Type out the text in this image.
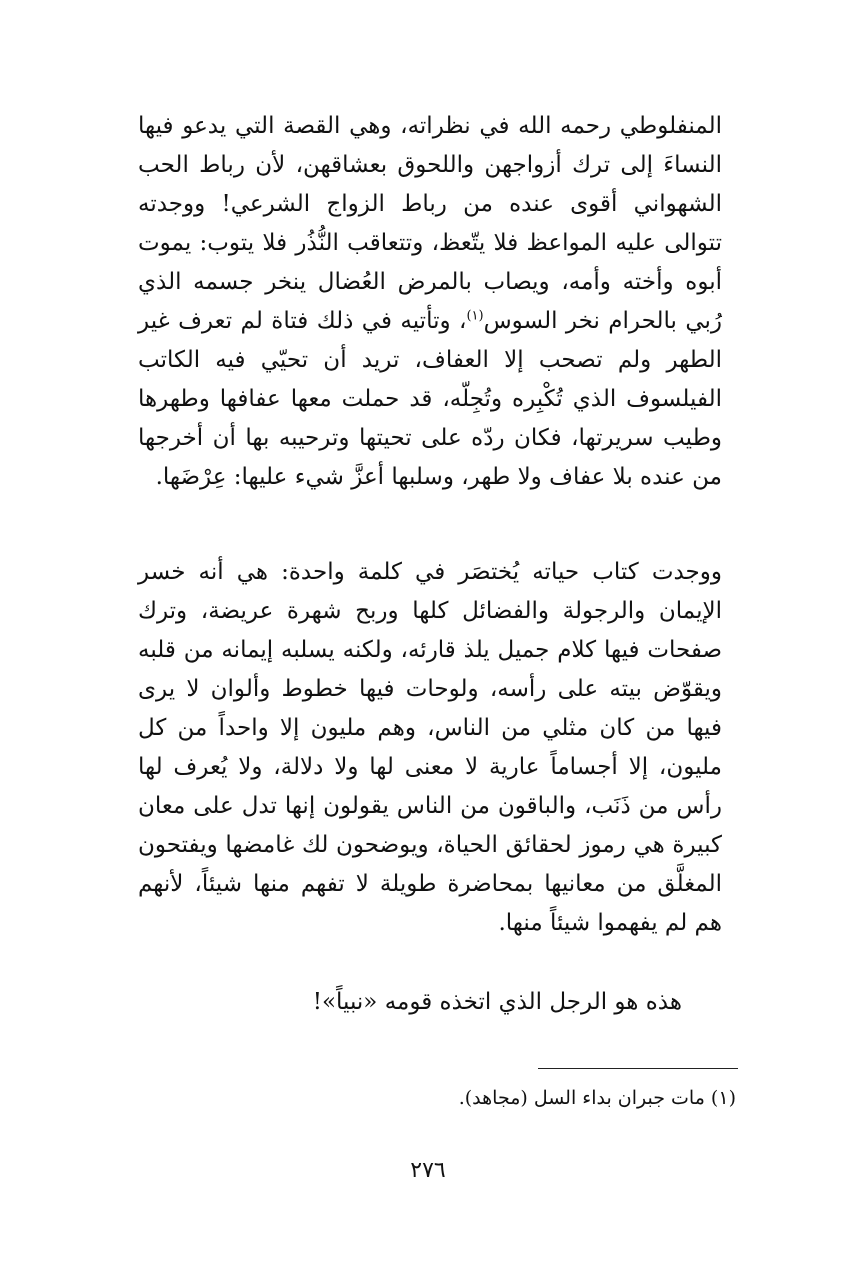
المنفلوطي رحمه الله في نظراته، وهي القصة التي يدعو فيها النساءَ إلى ترك أزواجهن واللحوق بعشاقهن، لأن رباط الحب الشهواني أقوى عنده من رباط الزواج الشرعي! ووجدته تتوالى عليه المواعظ فلا يتّعظ، وتتعاقب النُّذُر فلا يتوب: يموت أبوه وأخته وأمه، ويصاب بالمرض العُضال ينخر جسمه الذي رُبي بالحرام نخر السوس$^{(١)}$، وتأتيه في ذلك فتاة لم تعرف غير الطهر ولم تصحب إلا العفاف، تريد أن تحيّي فيه الكاتب الفيلسوف الذي تُكْبِره وتُجِلّه، قد حملت معها عفافها وطهرها وطيب سريرتها، فكان ردّه على تحيتها وترحيبه بها أن أخرجها من عنده بلا عفاف ولا طهر، وسلبها أعزَّ شيء عليها: عِرْضَها.
ووجدت كتاب حياته يُختصَر في كلمة واحدة: هي أنه خسر الإيمان والرجولة والفضائل كلها وربح شهرة عريضة، وترك صفحات فيها كلام جميل يلذ قارئه، ولكنه يسلبه إيمانه من قلبه ويقوّض بيته على رأسه، ولوحات فيها خطوط وألوان لا يرى فيها من كان مثلي من الناس، وهم مليون إلا واحداً من كل مليون، إلا أجساماً عارية لا معنى لها ولا دلالة، ولا يُعرف لها رأس من ذَنَب، والباقون من الناس يقولون إنها تدل على معان كبيرة هي رموز لحقائق الحياة، ويوضحون لك غامضها ويفتحون المغلَّق من معانيها بمحاضرة طويلة لا تفهم منها شيئاً، لأنهم هم لم يفهموا شيئاً منها.
هذه هو الرجل الذي اتخذه قومه «نبياً»!
(١) مات جبران بداء السل (مجاهد).
٢٧٦
